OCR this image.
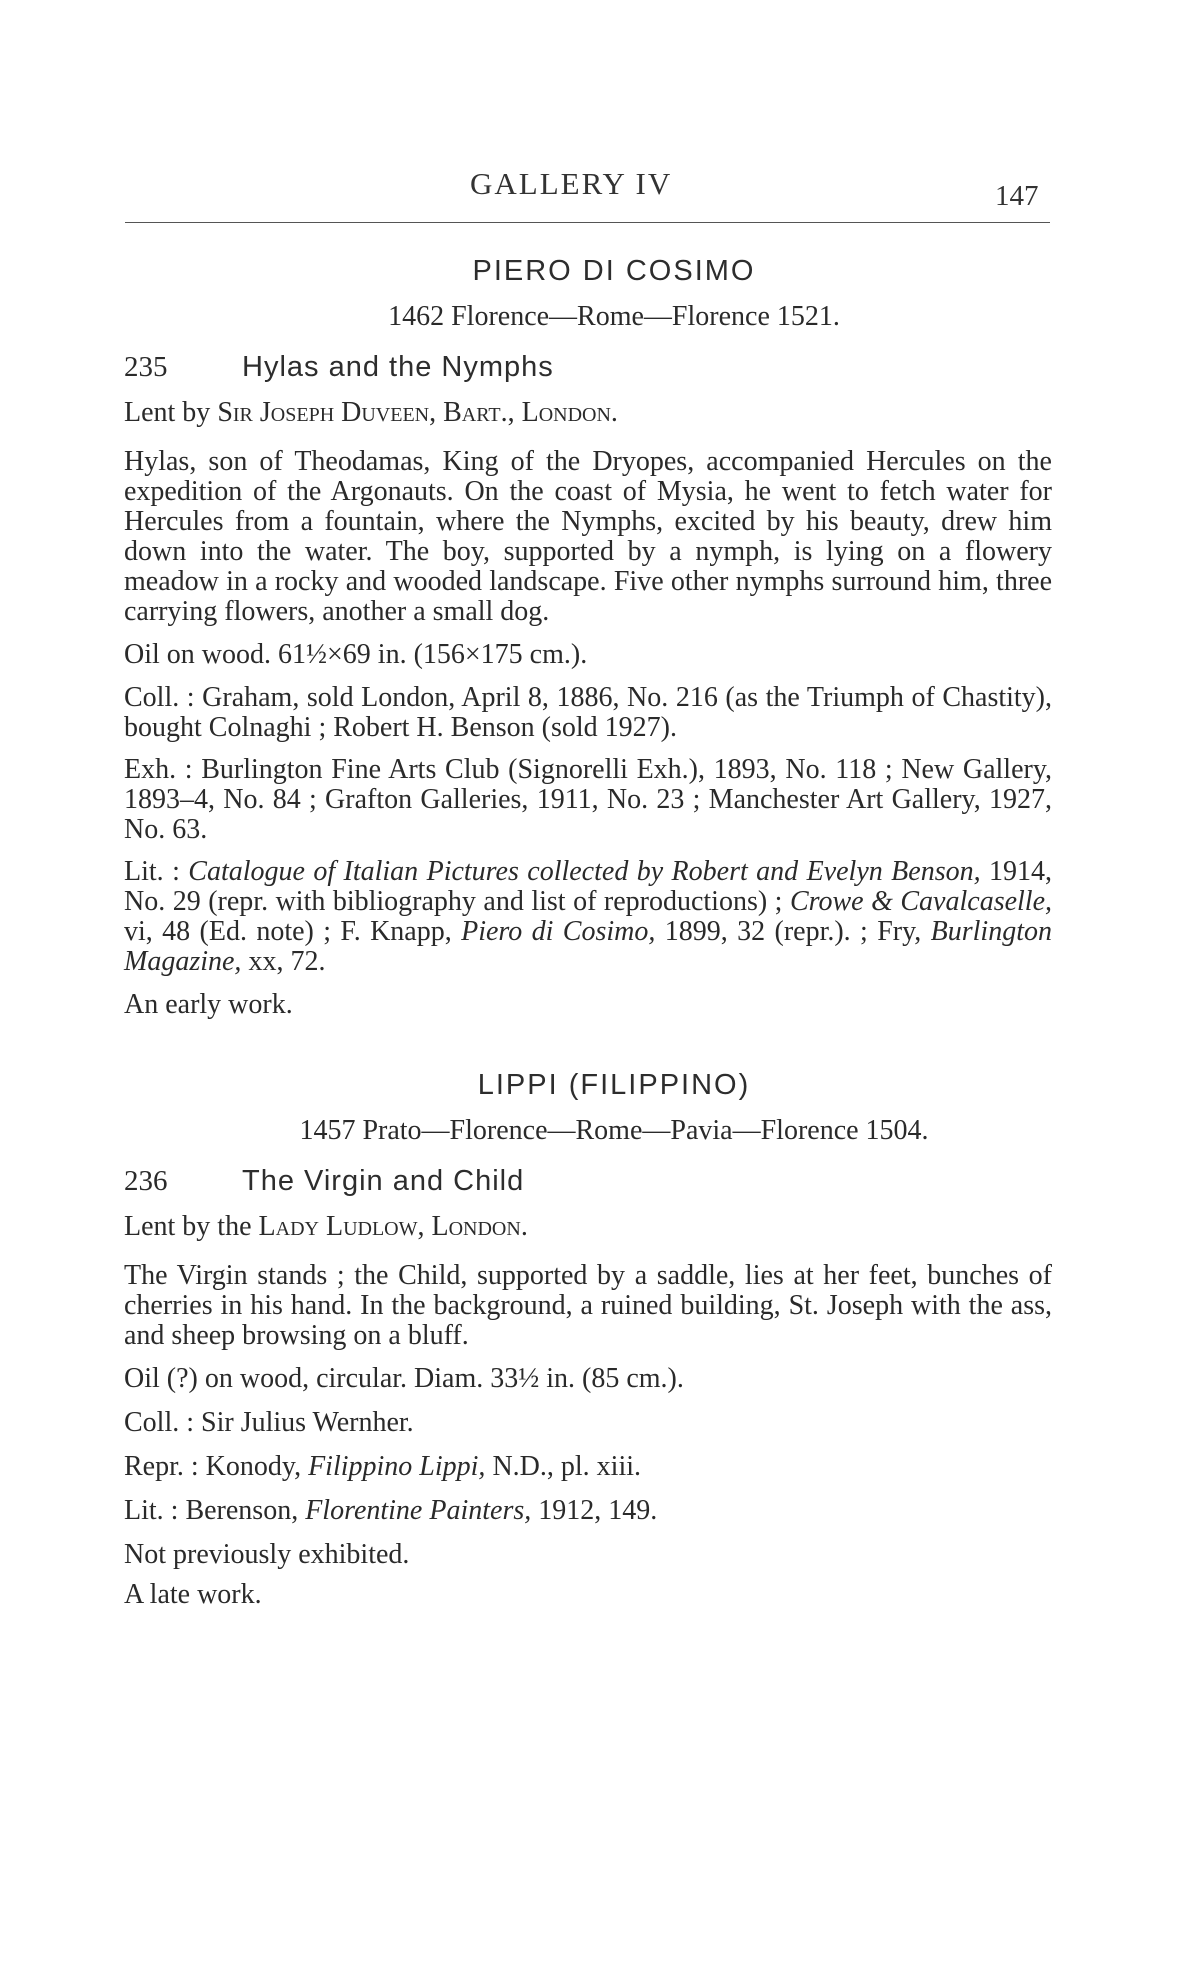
GALLERY IV	147
PIERO DI COSIMO
1462 Florence—Rome—Florence 1521.
235	Hylas and the Nymphs
Lent by Sir Joseph Duveen, Bart., London.
Hylas, son of Theodamas, King of the Dryopes, accompanied Hercules on the expedition of the Argonauts. On the coast of Mysia, he went to fetch water for Hercules from a fountain, where the Nymphs, excited by his beauty, drew him down into the water. The boy, supported by a nymph, is lying on a flowery meadow in a rocky and wooded landscape. Five other nymphs surround him, three carrying flowers, another a small dog.
Oil on wood. 61½×69 in. (156×175 cm.).
Coll. : Graham, sold London, April 8, 1886, No. 216 (as the Triumph of Chastity), bought Colnaghi ; Robert H. Benson (sold 1927).
Exh. : Burlington Fine Arts Club (Signorelli Exh.), 1893, No. 118 ; New Gallery, 1893–4, No. 84 ; Grafton Galleries, 1911, No. 23 ; Manchester Art Gallery, 1927, No. 63.
Lit. : Catalogue of Italian Pictures collected by Robert and Evelyn Benson, 1914, No. 29 (repr. with bibliography and list of reproductions) ; Crowe & Cavalcaselle, vi, 48 (Ed. note) ; F. Knapp, Piero di Cosimo, 1899, 32 (repr.). ; Fry, Burlington Magazine, xx, 72.
An early work.
LIPPI (FILIPPINO)
1457 Prato—Florence—Rome—Pavia—Florence 1504.
236	The Virgin and Child
Lent by the Lady Ludlow, London.
The Virgin stands ; the Child, supported by a saddle, lies at her feet, bunches of cherries in his hand. In the background, a ruined building, St. Joseph with the ass, and sheep browsing on a bluff.
Oil (?) on wood, circular. Diam. 33½ in. (85 cm.).
Coll. : Sir Julius Wernher.
Repr. : Konody, Filippino Lippi, N.D., pl. xiii.
Lit. : Berenson, Florentine Painters, 1912, 149.
Not previously exhibited.
A late work.
